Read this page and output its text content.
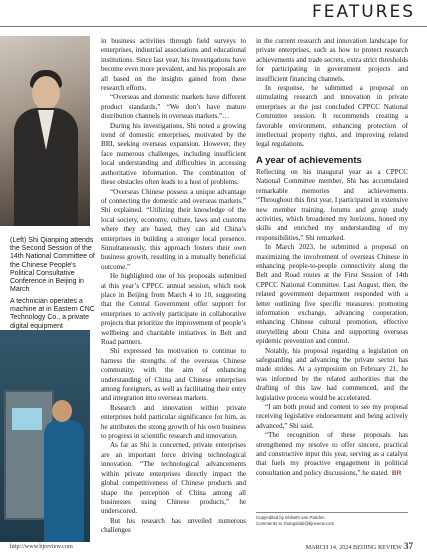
FEATURES
(Left) Shi Qianping attends the Second Session of the 14th National Committee of the Chinese People's Political Consultative Conference in Beijing in March
A technician operates a machine at in Eastern CNC Technology Co., a private digital equipment

in business activities through field surveys to enterprises, industrial associations and educational institutions. Since last year, his investigations have become even more prevalent, and his proposals are all based on the insights gained from these research efforts.

“Overseas and domestic markets have different product standards,” “We don’t have mature distribution channels in overseas markets.”…

During his investigations, Shi noted a growing trend of domestic enterprises, motivated by the BRI, seeking overseas expansion. However, they face numerous challenges, including insufficient local understanding and difficulties in accessing authoritative information. The combination of these obstacles often leads to a host of problems.

“Overseas Chinese possess a unique advantage of connecting the domestic and overseas markets,” Shi explained. “Utilizing their knowledge of the local society, economy, culture, laws and customs where they are based, they can aid China’s enterprises in building a stronger local presence. Simultaneously, this approach fosters their own business growth, resulting in a mutually beneficial outcome.”

He highlighted one of his proposals submitted at this year’s CPPCC annual session, which took place in Beijing from March 4 to 10, suggesting that the Central Government offer support for enterprises to actively participate in collaborative projects that prioritize the improvement of people’s wellbeing and charitable initiatives in Belt and Road partners.

Shi expressed his motivation to continue to harness the strengths of the overseas Chinese community, with the aim of enhancing understanding of China and Chinese enterprises among foreigners, as well as facilitating their entry and integration into overseas markets.

Research and innovation within private enterprises hold particular significance for him, as he attributes the strong growth of his own business to progress in scientific research and innovation.

As far as Shi is concerned, private enterprises are an important force driving technological innovation. “The technological advancements within private enterprises directly impact the global competitiveness of Chinese products and shape the perception of China among all businesses using Chinese products,” he underscored.

But his research has unveiled numerous challenges

in the current research and innovation landscape for private enterprises, such as how to protect research achievements and trade secrets, extra strict thresholds for participating in government projects and insufficient financing channels.

In response, he submitted a proposal on stimulating research and innovation in private enterprises at the just concluded CPPCC National Committee session. It recommends creating a favorable environment, enhancing protection of intellectual property rights, and improving related legal regulations.

A year of achievements

Reflecting on his inaugural year as a CPPCC National Committee member, Shi has accumulated remarkable memories and achievements. “Throughout this first year, I participated in extensive new member training, forums and group study activities, which broadened my horizons, honed my skills and enriched my understanding of my responsibilities,” Shi remarked.

In March 2023, he submitted a proposal on maximizing the involvement of overseas Chinese in enhancing people-to-people connectivity along the Belt and Road routes at the First Session of 14th CPPCC National Committee. Last August, then, the related government department responded with a letter outlining five specific measures: promoting information exchange, advancing cooperation, enhancing Chinese cultural promotion, effective storytelling about China and supporting overseas epidemic prevention and control.

Notably, his proposal regarding a legislation on safeguarding and advancing the private sector has made strides. At a symposium on February 21, he was informed by the related authorities that the drafting of this law had commenced, and the legislative process would be accelerated.

“I am both proud and content to see my proposal receiving legislative endorsement and being actively advanced,” Shi said.

“The recognition of these proposals has strengthened my resolve to offer sincere, practical and constructive input this year, serving as a catalyst that fuels my proactive engagement in political consultation and policy discussions,” he stated. BR

Copyedited by Elsbeth van Paridon
Comments to zhangshidi@bjreview.com
http://www.bjreview.com	MARCH 14, 2024 BEIJING REVIEW 37
